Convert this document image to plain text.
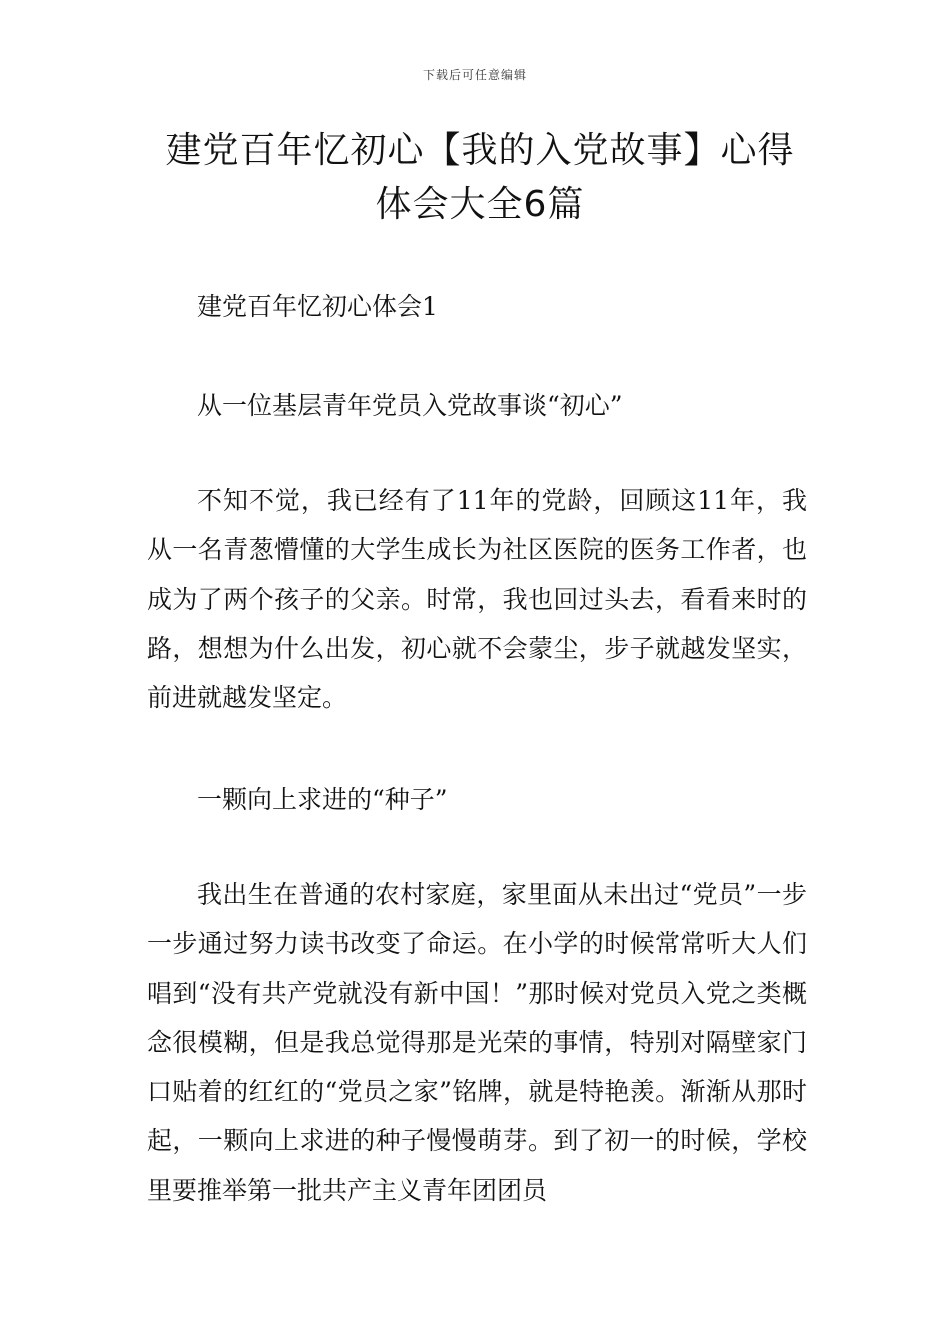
下载后可任意编辑
建党百年忆初心【我的入党故事】心得体会大全6篇

建党百年忆初心体会1

从一位基层青年党员入党故事谈“初心”

不知不觉，我已经有了11年的党龄，回顾这11年，我从一名青葱懵懂的大学生成长为社区医院的医务工作者，也成为了两个孩子的父亲。时常，我也回过头去，看看来时的路，想想为什么出发，初心就不会蒙尘，步子就越发坚实，前进就越发坚定。

一颗向上求进的“种子”

我出生在普通的农村家庭，家里面从未出过“党员”一步一步通过努力读书改变了命运。在小学的时候常常听大人们唱到“没有共产党就没有新中国！”那时候对党员入党之类概念很模糊，但是我总觉得那是光荣的事情，特别对隔壁家门口贴着的红红的“党员之家”铭牌，就是特艳羡。渐渐从那时起，一颗向上求进的种子慢慢萌芽。到了初一的时候，学校里要推举第一批共产主义青年团团员
